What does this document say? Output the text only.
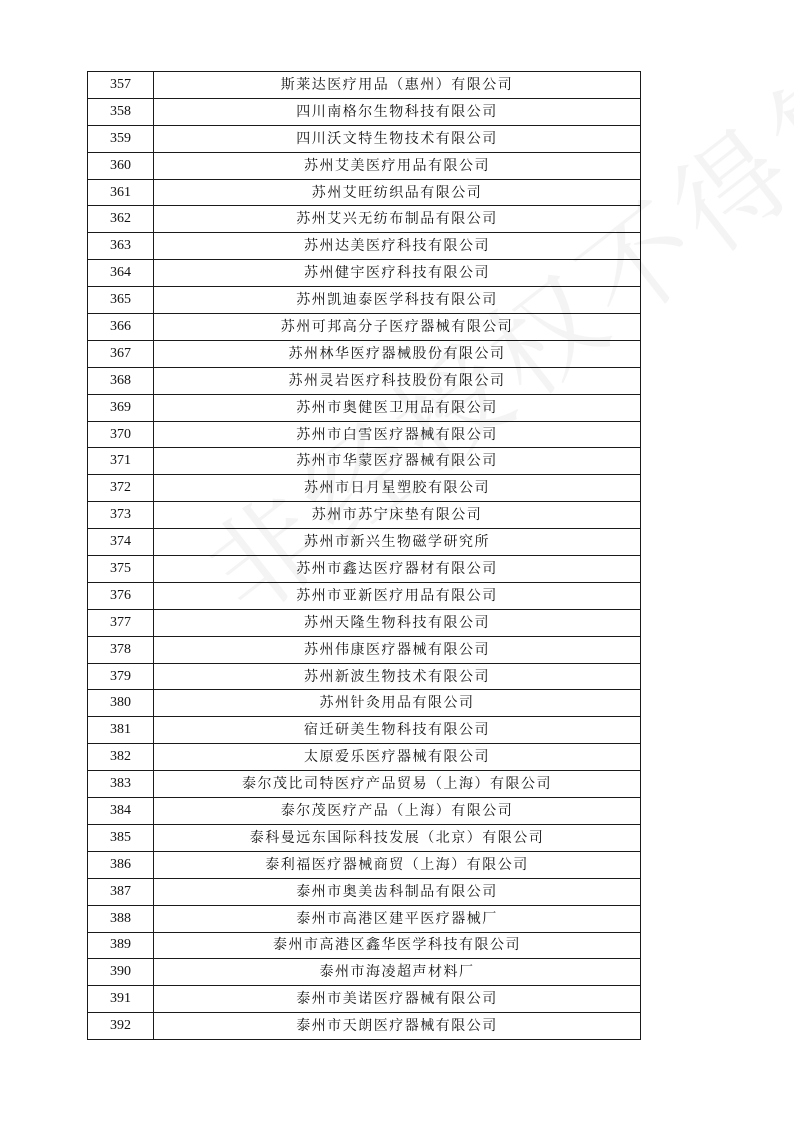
357	斯莱达医疗用品（惠州）有限公司
358	四川南格尔生物科技有限公司
359	四川沃文特生物技术有限公司
360	苏州艾美医疗用品有限公司
361	苏州艾旺纺织品有限公司
362	苏州艾兴无纺布制品有限公司
363	苏州达美医疗科技有限公司
364	苏州健宇医疗科技有限公司
365	苏州凯迪泰医学科技有限公司
366	苏州可邦高分子医疗器械有限公司
367	苏州林华医疗器械股份有限公司
368	苏州灵岩医疗科技股份有限公司
369	苏州市奥健医卫用品有限公司
370	苏州市白雪医疗器械有限公司
371	苏州市华蒙医疗器械有限公司
372	苏州市日月星塑胶有限公司
373	苏州市苏宁床垫有限公司
374	苏州市新兴生物磁学研究所
375	苏州市鑫达医疗器材有限公司
376	苏州市亚新医疗用品有限公司
377	苏州天隆生物科技有限公司
378	苏州伟康医疗器械有限公司
379	苏州新波生物技术有限公司
380	苏州针灸用品有限公司
381	宿迁研美生物科技有限公司
382	太原爱乐医疗器械有限公司
383	泰尔茂比司特医疗产品贸易（上海）有限公司
384	泰尔茂医疗产品（上海）有限公司
385	泰科曼远东国际科技发展（北京）有限公司
386	泰利福医疗器械商贸（上海）有限公司
387	泰州市奥美齿科制品有限公司
388	泰州市高港区建平医疗器械厂
389	泰州市高港区鑫华医学科技有限公司
390	泰州市海凌超声材料厂
391	泰州市美诺医疗器械有限公司
392	泰州市天朗医疗器械有限公司
